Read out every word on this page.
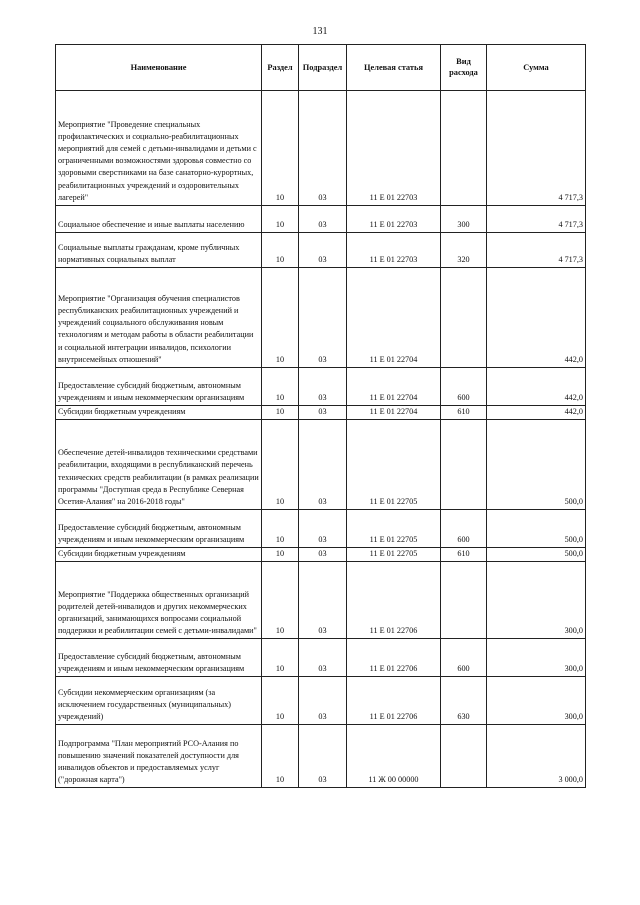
131
Наименование	Раздел	Подраздел	Целевая статья	Вид расхода	Сумма
Мероприятие "Проведение специальных профилактических и социально-реабилитационных мероприятий для семей с детьми-инвалидами и детьми с ограниченными возможностями здоровья совместно со здоровыми сверстниками на базе санаторно-курортных, реабилитационных учреждений и оздоровительных лагерей"	10	03	11 Е 01 22703		4 717,3
Социальное обеспечение и иные выплаты населению	10	03	11 Е 01 22703	300	4 717,3
Социальные выплаты гражданам, кроме публичных нормативных социальных выплат	10	03	11 Е 01 22703	320	4 717,3
Мероприятие "Организация обучения специалистов республиканских реабилитационных учреждений и учреждений социального обслуживания новым технологиям и методам работы в области реабилитации и социальной интеграции инвалидов, психологии внутрисемейных отношений"	10	03	11 Е 01 22704		442,0
Предоставление субсидий бюджетным, автономным учреждениям и иным некоммерческим организациям	10	03	11 Е 01 22704	600	442,0
Субсидии бюджетным учреждениям	10	03	11 Е 01 22704	610	442,0
Обеспечение детей-инвалидов техническими средствами реабилитации, входящими в республиканский перечень технических средств реабилитации (в рамках реализации программы "Доступная среда в Республике Северная Осетия-Алания" на 2016-2018 годы"	10	03	11 Е 01 22705		500,0
Предоставление субсидий бюджетным, автономным учреждениям и иным некоммерческим организациям	10	03	11 Е 01 22705	600	500,0
Субсидии бюджетным учреждениям	10	03	11 Е 01 22705	610	500,0
Мероприятие "Поддержка общественных организаций родителей детей-инвалидов и других некоммерческих организаций, занимающихся вопросами социальной поддержки и реабилитации семей с детьми-инвалидами"	10	03	11 Е 01 22706		300,0
Предоставление субсидий бюджетным, автономным учреждениям и иным некоммерческим организациям	10	03	11 Е 01 22706	600	300,0
Субсидии некоммерческим организациям (за исключением государственных (муниципальных) учреждений)	10	03	11 Е 01 22706	630	300,0
Подпрограмма "План мероприятий РСО-Алания по повышению значений показателей доступности для инвалидов объектов и предоставляемых услуг ("дорожная карта")	10	03	11 Ж 00 00000		3 000,0
